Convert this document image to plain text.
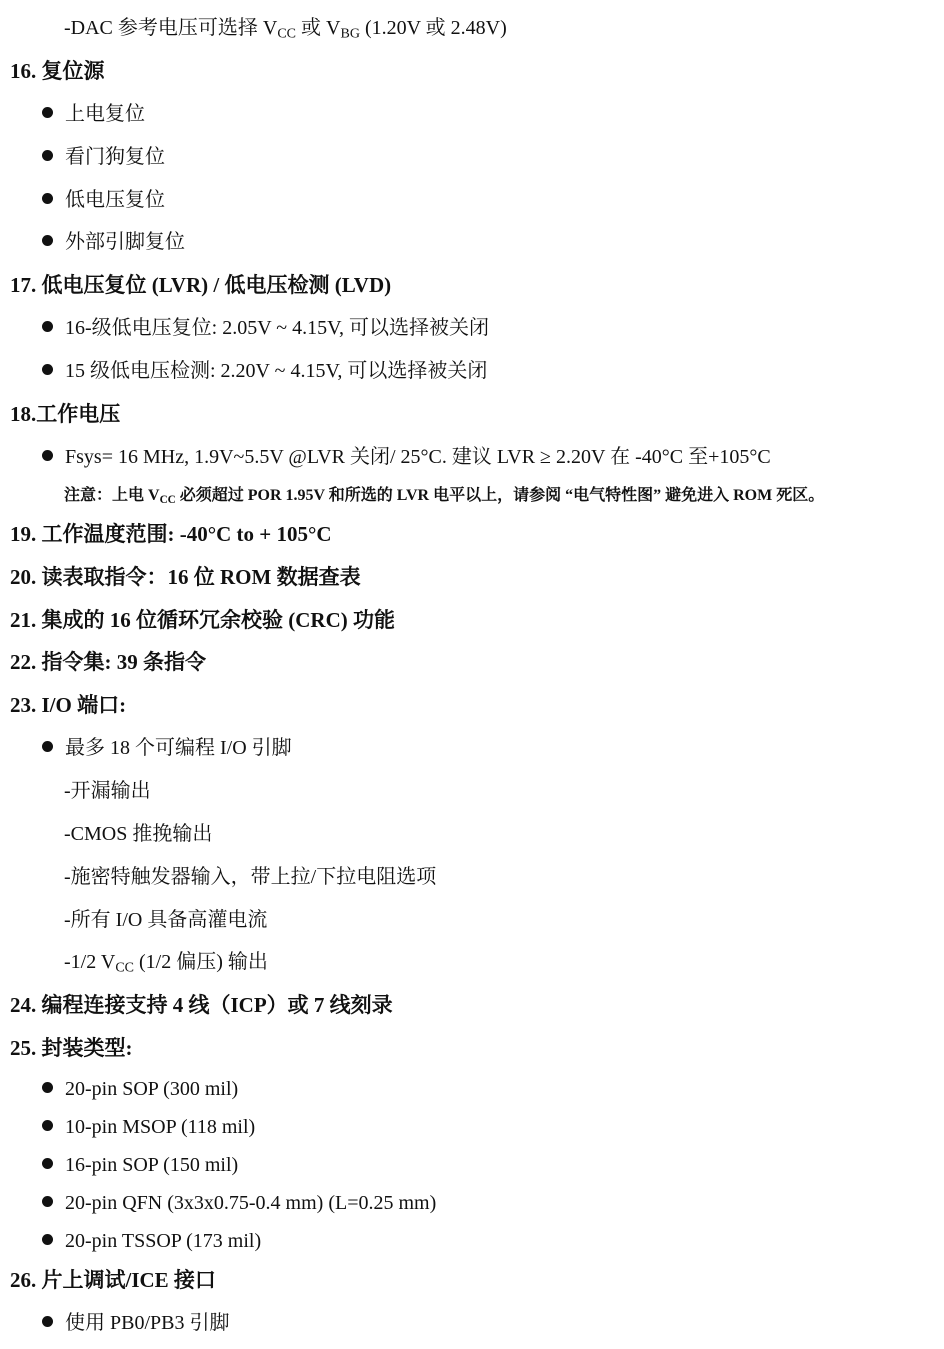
-DAC 参考电压可选择 $V_{CC}$ 或 $V_{BG}$ (1.20V 或 2.48V)
16. 复位源
上电复位
看门狗复位
低电压复位
外部引脚复位
17. 低电压复位 (LVR) / 低电压检测 (LVD)
16-级低电压复位: 2.05V ~ 4.15V, 可以选择被关闭
15 级低电压检测: 2.20V ~ 4.15V, 可以选择被关闭
18.工作电压
Fsys= 16 MHz, 1.9V~5.5V @LVR 关闭/ 25°C. 建议 LVR ≥ 2.20V 在 -40°C 至+105°C
注意：上电 $V_{CC}$ 必须超过 POR 1.95V 和所选的 LVR 电平以上，请参阅 “电气特性图” 避免进入 ROM 死区。
19. 工作温度范围: -40°C to + 105°C
20. 读表取指令：16 位 ROM 数据查表
21. 集成的 16 位循环冗余校验 (CRC) 功能
22. 指令集: 39 条指令
23. I/O 端口:
最多 18 个可编程 I/O 引脚
-开漏输出
-CMOS 推挽输出
-施密特触发器输入，带上拉/下拉电阻选项
-所有 I/O 具备高灌电流
-1/2 $V_{CC}$ (1/2 偏压) 输出
24. 编程连接支持 4 线（ICP）或 7 线刻录
25. 封装类型:
20-pin SOP (300 mil)
10-pin MSOP (118 mil)
16-pin SOP (150 mil)
20-pin QFN (3x3x0.75-0.4 mm) (L=0.25 mm)
20-pin TSSOP (173 mil)
26. 片上调试/ICE 接口
使用 PB0/PB3 引脚
